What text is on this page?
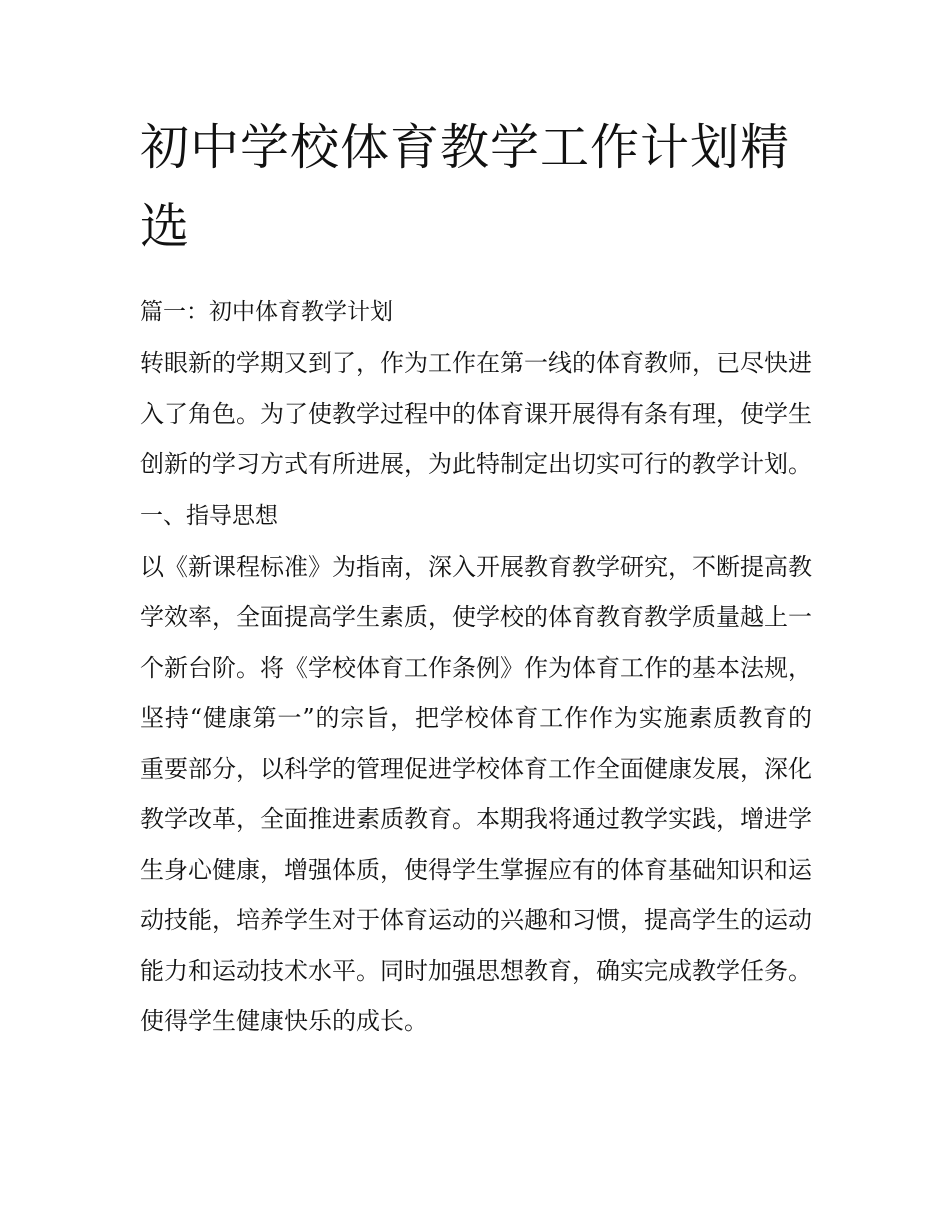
初中学校体育教学工作计划精选

篇一：初中体育教学计划

转眼新的学期又到了，作为工作在第一线的体育教师，已尽快进入了角色。为了使教学过程中的体育课开展得有条有理，使学生创新的学习方式有所进展，为此特制定出切实可行的教学计划。

一、指导思想

以《新课程标准》为指南，深入开展教育教学研究，不断提高教学效率，全面提高学生素质，使学校的体育教育教学质量越上一个新台阶。将《学校体育工作条例》作为体育工作的基本法规，坚持“健康第一”的宗旨，把学校体育工作作为实施素质教育的重要部分，以科学的管理促进学校体育工作全面健康发展，深化教学改革，全面推进素质教育。本期我将通过教学实践，增进学生身心健康，增强体质，使得学生掌握应有的体育基础知识和运动技能，培养学生对于体育运动的兴趣和习惯，提高学生的运动能力和运动技术水平。同时加强思想教育，确实完成教学任务。使得学生健康快乐的成长。
